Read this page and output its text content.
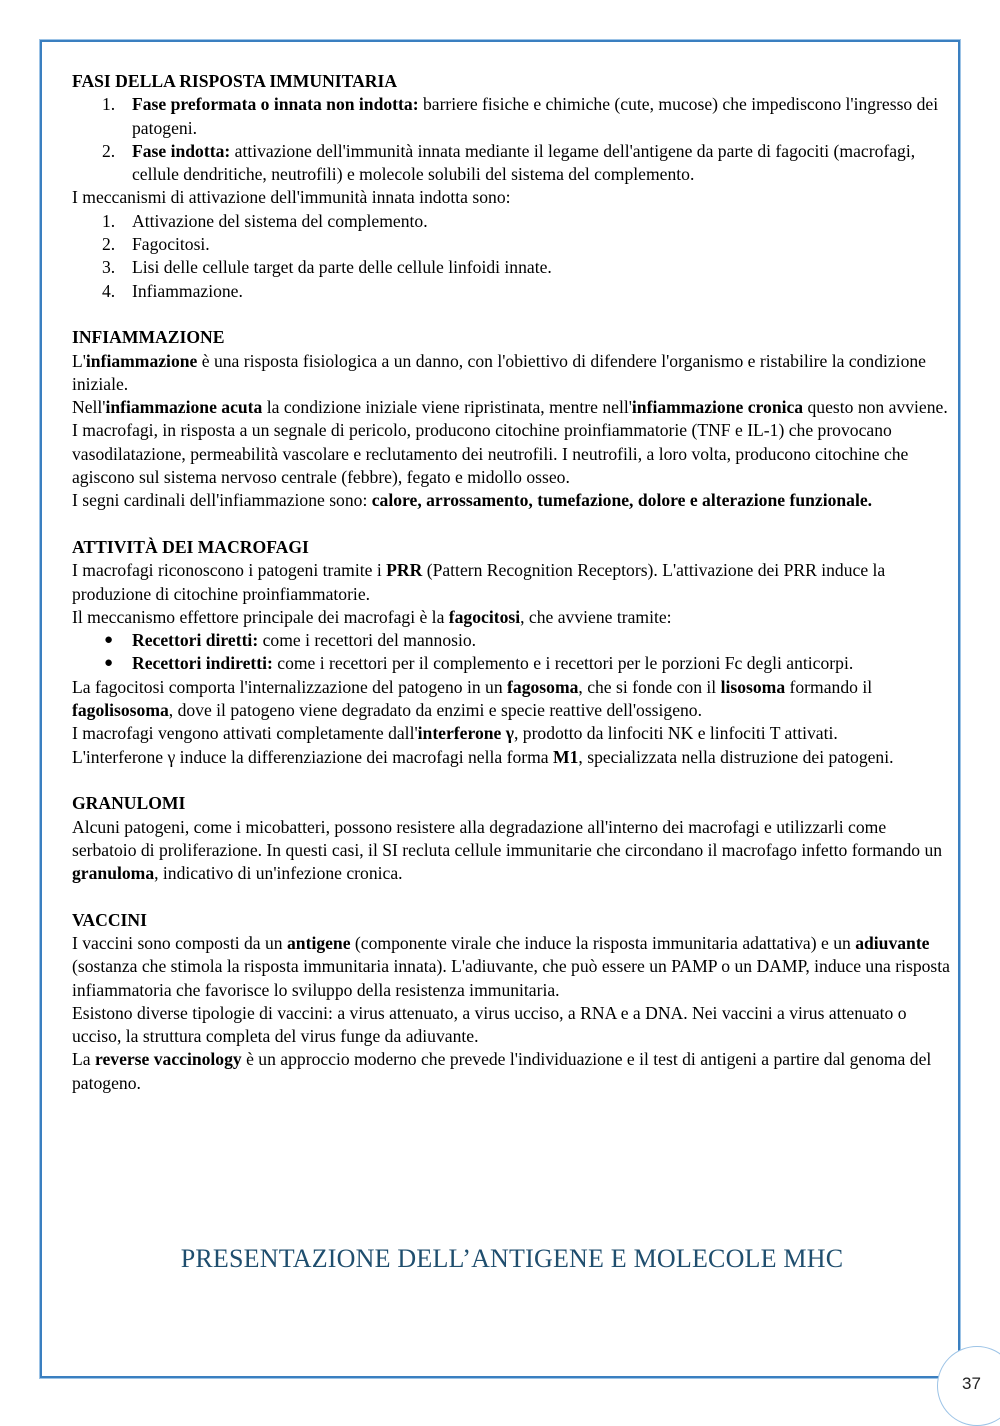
FASI DELLA RISPOSTA IMMUNITARIA

1. Fase preformata o innata non indotta: barriere fisiche e chimiche (cute, mucose) che impediscono l'ingresso dei patogeni.
2. Fase indotta: attivazione dell'immunità innata mediante il legame dell'antigene da parte di fagociti (macrofagi, cellule dendritiche, neutrofili) e molecole solubili del sistema del complemento.

I meccanismi di attivazione dell'immunità innata indotta sono:

1. Attivazione del sistema del complemento.
2. Fagocitosi.
3. Lisi delle cellule target da parte delle cellule linfoidi innate.
4. Infiammazione.

INFIAMMAZIONE

L'infiammazione è una risposta fisiologica a un danno, con l'obiettivo di difendere l'organismo e ristabilire la condizione iniziale.

Nell'infiammazione acuta la condizione iniziale viene ripristinata, mentre nell'infiammazione cronica questo non avviene.

I macrofagi, in risposta a un segnale di pericolo, producono citochine proinfiammatorie (TNF e IL-1) che provocano vasodilatazione, permeabilità vascolare e reclutamento dei neutrofili. I neutrofili, a loro volta, producono citochine che agiscono sul sistema nervoso centrale (febbre), fegato e midollo osseo.

I segni cardinali dell'infiammazione sono: calore, arrossamento, tumefazione, dolore e alterazione funzionale.

ATTIVITÀ DEI MACROFAGI

I macrofagi riconoscono i patogeni tramite i PRR (Pattern Recognition Receptors). L'attivazione dei PRR induce la produzione di citochine proinfiammatorie.

Il meccanismo effettore principale dei macrofagi è la fagocitosi, che avviene tramite:

● Recettori diretti: come i recettori del mannosio.
● Recettori indiretti: come i recettori per il complemento e i recettori per le porzioni Fc degli anticorpi.

La fagocitosi comporta l'internalizzazione del patogeno in un fagosoma, che si fonde con il lisosoma formando il fagolisosoma, dove il patogeno viene degradato da enzimi e specie reattive dell'ossigeno.

I macrofagi vengono attivati completamente dall'interferone γ, prodotto da linfociti NK e linfociti T attivati.

L'interferone γ induce la differenziazione dei macrofagi nella forma M1, specializzata nella distruzione dei patogeni.

GRANULOMI

Alcuni patogeni, come i micobatteri, possono resistere alla degradazione all'interno dei macrofagi e utilizzarli come serbatoio di proliferazione. In questi casi, il SI recluta cellule immunitarie che circondano il macrofago infetto formando un granuloma, indicativo di un'infezione cronica.

VACCINI

I vaccini sono composti da un antigene (componente virale che induce la risposta immunitaria adattativa) e un adiuvante (sostanza che stimola la risposta immunitaria innata). L'adiuvante, che può essere un PAMP o un DAMP, induce una risposta infiammatoria che favorisce lo sviluppo della resistenza immunitaria.

Esistono diverse tipologie di vaccini: a virus attenuato, a virus ucciso, a RNA e a DNA. Nei vaccini a virus attenuato o ucciso, la struttura completa del virus funge da adiuvante.

La reverse vaccinology è un approccio moderno che prevede l'individuazione e il test di antigeni a partire dal genoma del patogeno.

PRESENTAZIONE DELL’ANTIGENE E MOLECOLE MHC
37
